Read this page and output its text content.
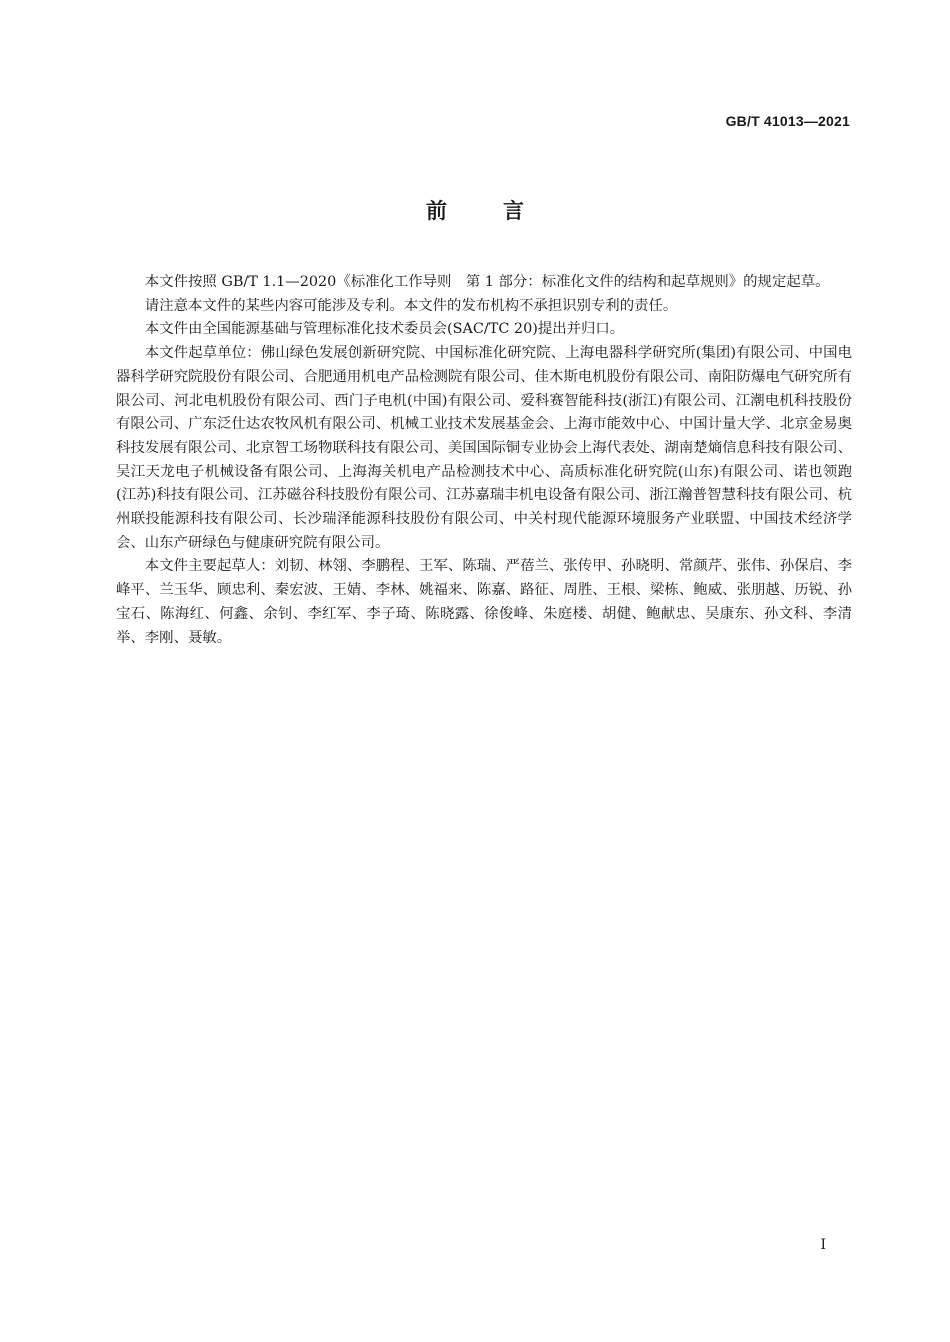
GB/T 41013—2021
前言

本文件按照 GB/T 1.1—2020《标准化工作导则　第 1 部分：标准化文件的结构和起草规则》的规定起草。

请注意本文件的某些内容可能涉及专利。本文件的发布机构不承担识别专利的责任。

本文件由全国能源基础与管理标准化技术委员会(SAC/TC 20)提出并归口。

本文件起草单位：佛山绿色发展创新研究院、中国标准化研究院、上海电器科学研究所(集团)有限公司、中国电器科学研究院股份有限公司、合肥通用机电产品检测院有限公司、佳木斯电机股份有限公司、南阳防爆电气研究所有限公司、河北电机股份有限公司、西门子电机(中国)有限公司、爱科赛智能科技(浙江)有限公司、江潮电机科技股份有限公司、广东泛仕达农牧风机有限公司、机械工业技术发展基金会、上海市能效中心、中国计量大学、北京金易奥科技发展有限公司、北京智工场物联科技有限公司、美国国际铜专业协会上海代表处、湖南楚熵信息科技有限公司、吴江天龙电子机械设备有限公司、上海海关机电产品检测技术中心、高质标准化研究院(山东)有限公司、诺也领跑(江苏)科技有限公司、江苏磁谷科技股份有限公司、江苏嘉瑞丰机电设备有限公司、浙江瀚普智慧科技有限公司、杭州联投能源科技有限公司、长沙瑞泽能源科技股份有限公司、中关村现代能源环境服务产业联盟、中国技术经济学会、山东产研绿色与健康研究院有限公司。

本文件主要起草人：刘韧、林翎、李鹏程、王军、陈瑞、严蓓兰、张传甲、孙晓明、常颜芹、张伟、孙保启、李峰平、兰玉华、顾忠利、秦宏波、王婧、李林、姚福来、陈嘉、路征、周胜、王根、梁栋、鲍威、张朋越、历锐、孙宝石、陈海红、何鑫、余钊、李红军、李子琦、陈晓露、徐俊峰、朱庭楼、胡健、鲍献忠、吴康东、孙文科、李清举、李刚、聂敏。

I
